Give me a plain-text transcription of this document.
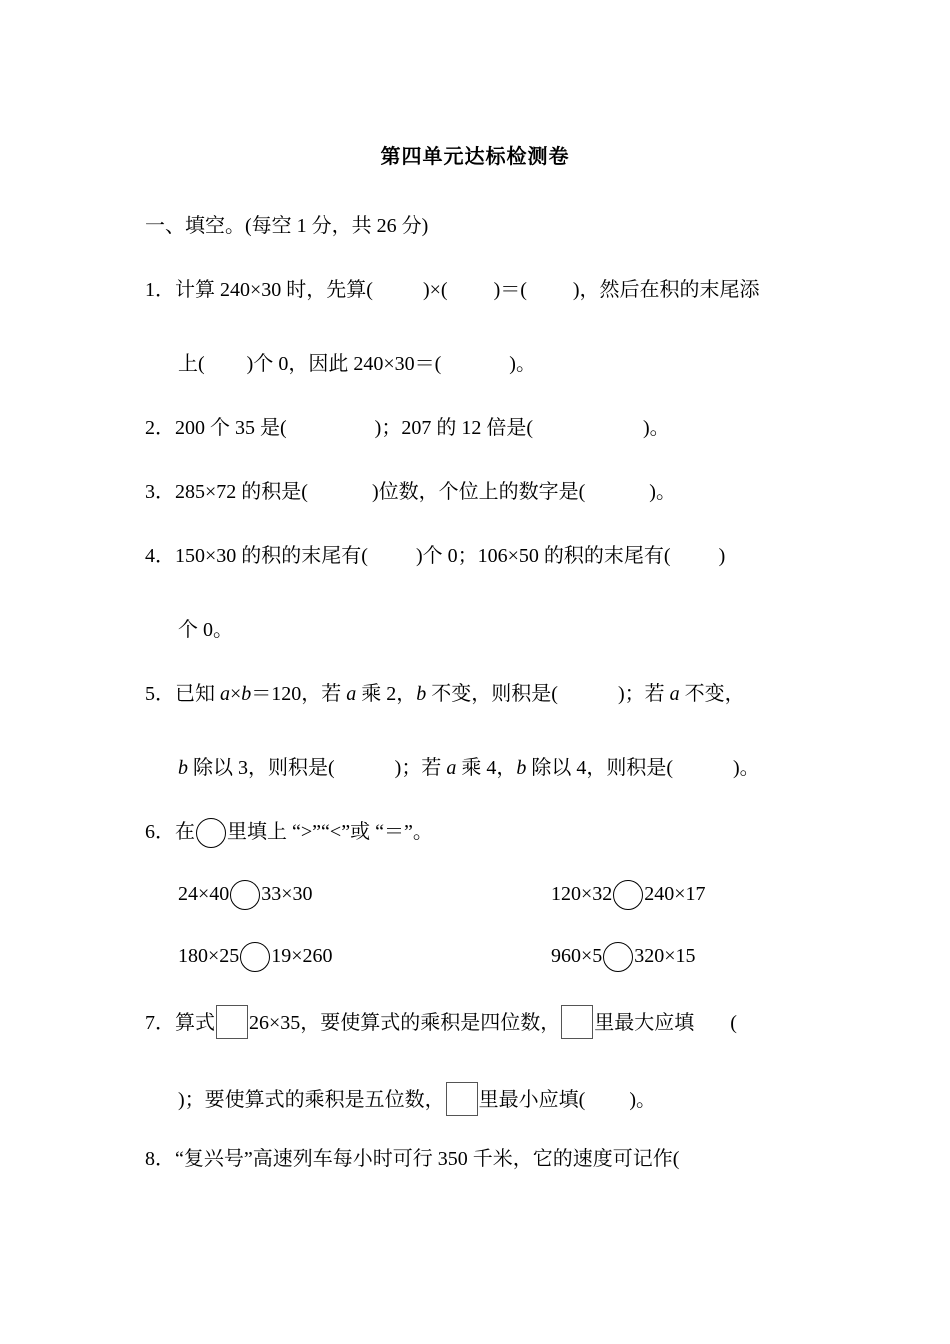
第四单元达标检测卷
一、填空。(每空 1 分，共 26 分)
1．计算 240×30 时，先算(	)×( )＝( )，然后在积的末尾添
上( )个 0，因此 240×30＝(	)。
2．200 个 35 是(	)；207 的 12 倍是(	)。
3．285×72 的积是(	)位数，个位上的数字是(	)。
4．150×30 的积的末尾有( )个 0；106×50 的积的末尾有( )
个 0。
5．已知 a×b＝120，若 a 乘 2，b 不变，则积是(	)；若 a 不变，
b 除以 3，则积是(	)；若 a 乘 4，b 除以 4，则积是(	)。
6．在 里填上 “>”“<”或 “＝”。
24×40 33×30	120×32 240×17
180×25 19×260	960×5 320×15
7．算式 26×35，要使算式的乘积是四位数， 里最大应填 (
)；要使算式的乘积是五位数， 里最小应填( )。
8．“复兴号”高速列车每小时可行 350 千米，它的速度可记作(
